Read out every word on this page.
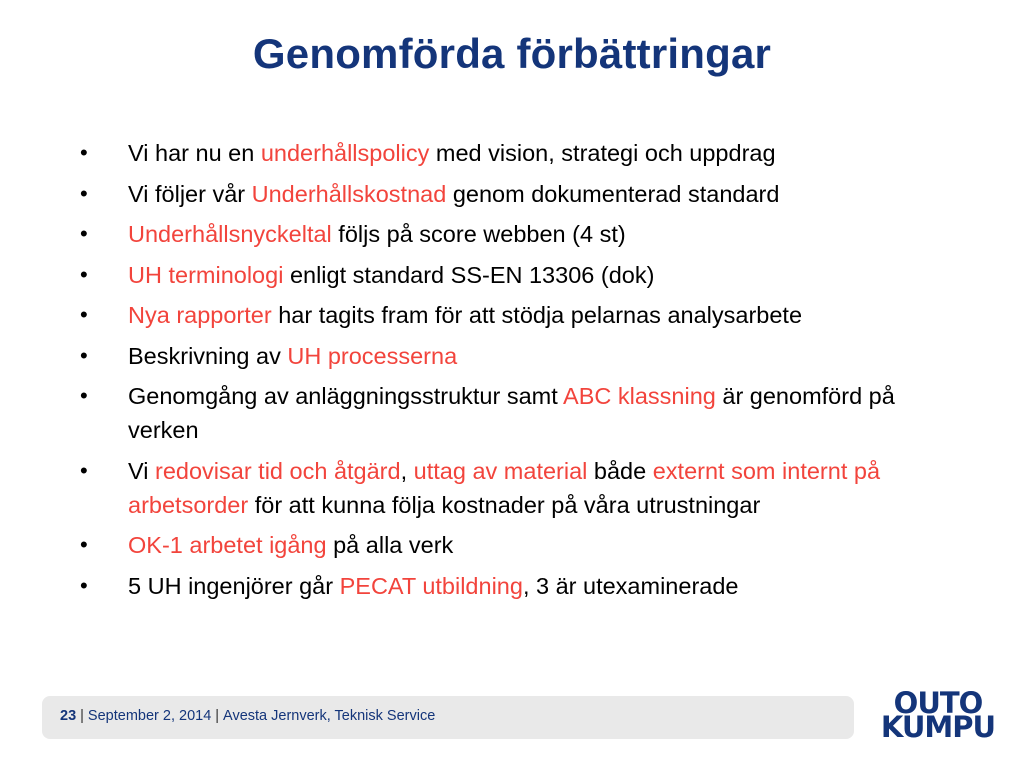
Genomförda förbättringar
• Vi har nu en underhållspolicy med vision, strategi och uppdrag
• Vi följer vår Underhållskostnad genom dokumenterad standard
• Underhållsnyckeltal följs på score webben (4 st)
• UH terminologi enligt standard SS-EN 13306 (dok)
• Nya rapporter har tagits fram för att stödja pelarnas analysarbete
• Beskrivning av UH processerna
• Genomgång av anläggningsstruktur samt ABC klassning är genomförd på verken
• Vi redovisar tid och åtgärd, uttag av material både externt som internt på arbetsorder för att kunna följa kostnader på våra utrustningar
• OK-1 arbetet igång på alla verk
• 5 UH ingenjörer går PECAT utbildning, 3 är utexaminerade
23 | September 2, 2014 | Avesta Jernverk, Teknisk Service	OUTO
KUMPU
